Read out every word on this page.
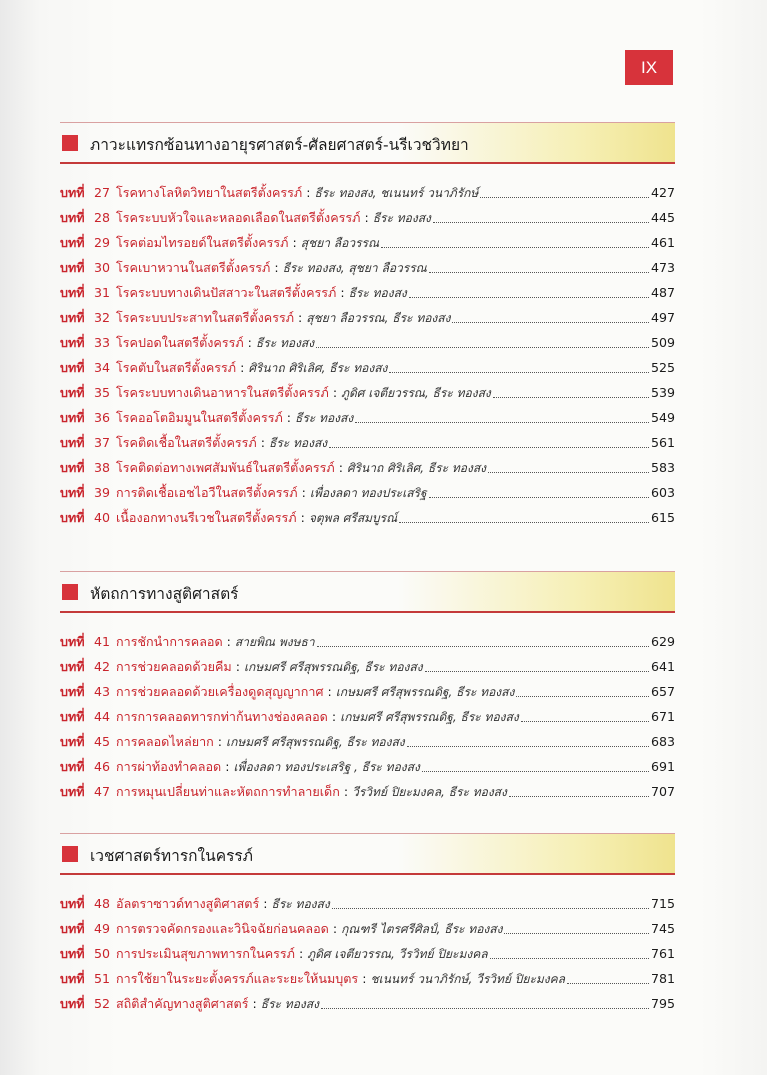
IX
ภาวะแทรกซ้อนทางอายุรศาสตร์-ศัลยศาสตร์-นรีเวชวิทยา
บทที่ 27 โรคทางโลหิตวิทยาในสตรีตั้งครรภ์ : ธีระ ทองสง, ชเนนทร์ วนาภิรักษ์	427
บทที่ 28 โรคระบบหัวใจและหลอดเลือดในสตรีตั้งครรภ์ : ธีระ ทองสง	445
บทที่ 29 โรคต่อมไทรอยด์ในสตรีตั้งครรภ์ : สุชยา ลือวรรณ	461
บทที่ 30 โรคเบาหวานในสตรีตั้งครรภ์ : ธีระ ทองสง, สุชยา ลือวรรณ	473
บทที่ 31 โรคระบบทางเดินปัสสาวะในสตรีตั้งครรภ์ : ธีระ ทองสง	487
บทที่ 32 โรคระบบประสาทในสตรีตั้งครรภ์ : สุชยา ลือวรรณ, ธีระ ทองสง	497
บทที่ 33 โรคปอดในสตรีตั้งครรภ์ : ธีระ ทองสง	509
บทที่ 34 โรคตับในสตรีตั้งครรภ์ : ศิรินาถ ศิริเลิศ, ธีระ ทองสง	525
บทที่ 35 โรคระบบทางเดินอาหารในสตรีตั้งครรภ์ : ภูดิศ เจตียวรรณ, ธีระ ทองสง	539
บทที่ 36 โรคออโตอิมมูนในสตรีตั้งครรภ์ : ธีระ ทองสง	549
บทที่ 37 โรคติดเชื้อในสตรีตั้งครรภ์ : ธีระ ทองสง	561
บทที่ 38 โรคติดต่อทางเพศสัมพันธ์ในสตรีตั้งครรภ์ : ศิรินาถ ศิริเลิศ, ธีระ ทองสง	583
บทที่ 39 การติดเชื้อเอชไอวีในสตรีตั้งครรภ์ : เพื่องลดา ทองประเสริฐ	603
บทที่ 40 เนื้องอกทางนรีเวชในสตรีตั้งครรภ์ : จตุพล ศรีสมบูรณ์	615
หัตถการทางสูติศาสตร์
บทที่ 41 การชักนำการคลอด : สายพิณ พงษธา	629
บทที่ 42 การช่วยคลอดด้วยคีม : เกษมศรี ศรีสุพรรณดิฐ, ธีระ ทองสง	641
บทที่ 43 การช่วยคลอดด้วยเครื่องดูดสุญญากาศ : เกษมศรี ศรีสุพรรณดิฐ, ธีระ ทองสง	657
บทที่ 44 การการคลอดทารกท่าก้นทางช่องคลอด : เกษมศรี ศรีสุพรรณดิฐ, ธีระ ทองสง	671
บทที่ 45 การคลอดไหล่ยาก : เกษมศรี ศรีสุพรรณดิฐ, ธีระ ทองสง	683
บทที่ 46 การผ่าท้องทำคลอด : เพื่องลดา ทองประเสริฐ , ธีระ ทองสง	691
บทที่ 47 การหมุนเปลี่ยนท่าและหัตถการทำลายเด็ก : วีรวิทย์ ปิยะมงคล, ธีระ ทองสง	707
เวชศาสตร์ทารกในครรภ์
บทที่ 48 อัลตราซาวด์ทางสูติศาสตร์ : ธีระ ทองสง	715
บทที่ 49 การตรวจคัดกรองและวินิจฉัยก่อนคลอด : กุณฑรี ไตรศรีศิลป์, ธีระ ทองสง	745
บทที่ 50 การประเมินสุขภาพทารกในครรภ์ : ภูดิศ เจตียวรรณ, วีรวิทย์ ปิยะมงคล	761
บทที่ 51 การใช้ยาในระยะตั้งครรภ์และระยะให้นมบุตร : ชเนนทร์ วนาภิรักษ์, วีรวิทย์ ปิยะมงคล	781
บทที่ 52 สถิติสำคัญทางสูติศาสตร์ : ธีระ ทองสง	795
